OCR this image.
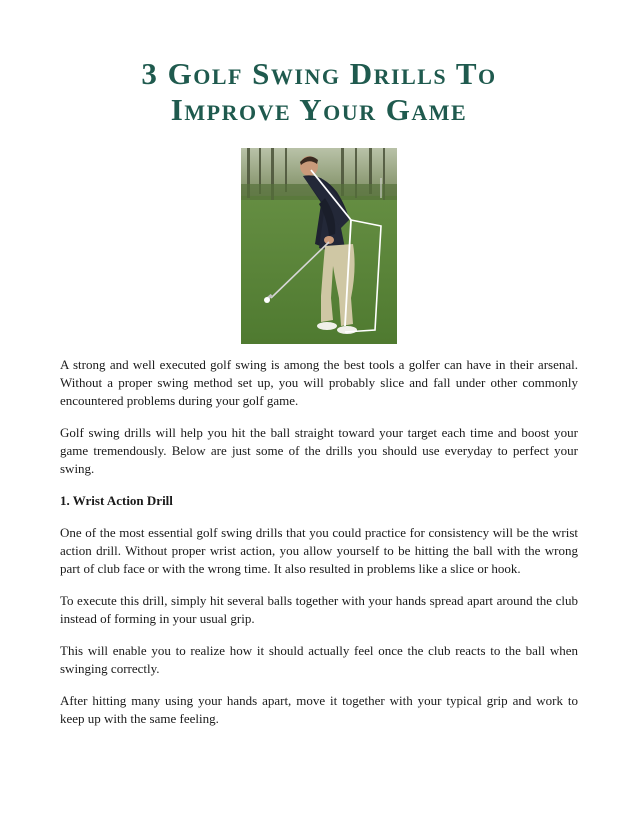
3 Golf Swing Drills To
Improve Your Game

A strong and well executed golf swing is among the best tools a golfer can have in their arsenal. Without a proper swing method set up, you will probably slice and fall under other commonly encountered problems during your golf game.

Golf swing drills will help you hit the ball straight toward your target each time and boost your game tremendously. Below are just some of the drills you should use everyday to perfect your swing.

1. Wrist Action Drill

One of the most essential golf swing drills that you could practice for consistency will be the wrist action drill. Without proper wrist action, you allow yourself to be hitting the ball with the wrong part of club face or with the wrong time. It also resulted in problems like a slice or hook.

To execute this drill, simply hit several balls together with your hands spread apart around the club instead of forming in your usual grip.

This will enable you to realize how it should actually feel once the club reacts to the ball when swinging correctly.

After hitting many using your hands apart, move it together with your typical grip and work to keep up with the same feeling.
